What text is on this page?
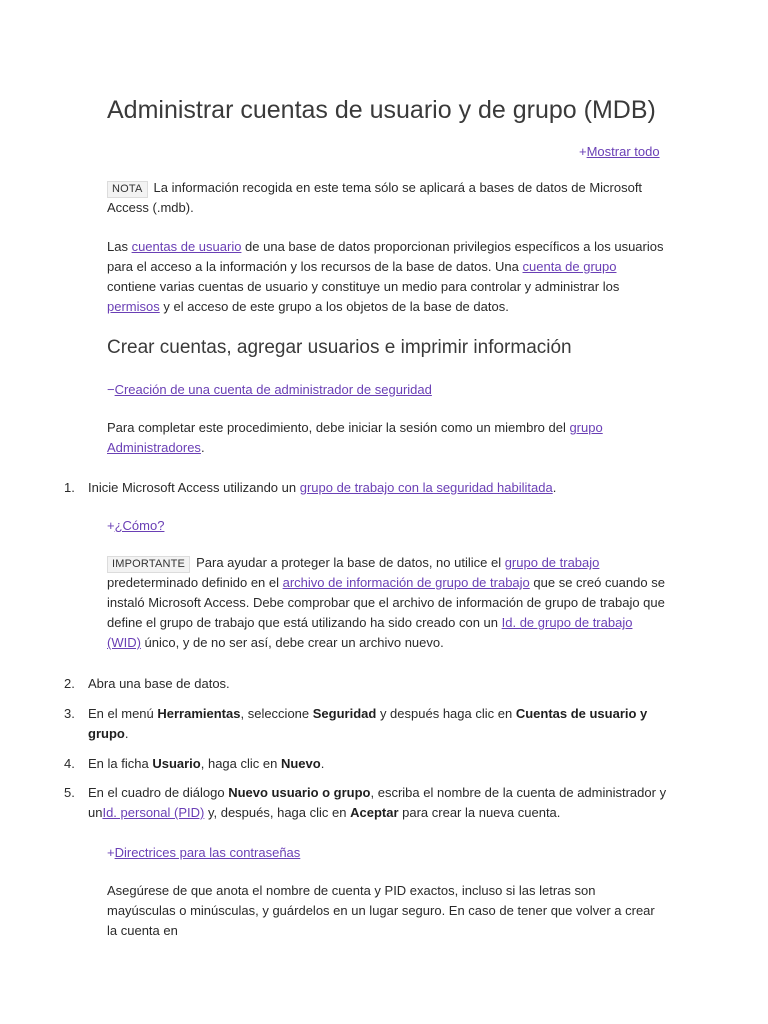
Administrar cuentas de usuario y de grupo (MDB)
+Mostrar todo
NOTA La información recogida en este tema sólo se aplicará a bases de datos de Microsoft Access (.mdb).
Las cuentas de usuario de una base de datos proporcionan privilegios específicos a los usuarios para el acceso a la información y los recursos de la base de datos. Una cuenta de grupo contiene varias cuentas de usuario y constituye un medio para controlar y administrar los permisos y el acceso de este grupo a los objetos de la base de datos.
Crear cuentas, agregar usuarios e imprimir información
−Creación de una cuenta de administrador de seguridad
Para completar este procedimiento, debe iniciar la sesión como un miembro del grupo Administradores.
1.	Inicie Microsoft Access utilizando un grupo de trabajo con la seguridad habilitada.
+¿Cómo?
IMPORTANTE Para ayudar a proteger la base de datos, no utilice el grupo de trabajo predeterminado definido en el archivo de información de grupo de trabajo que se creó cuando se instaló Microsoft Access. Debe comprobar que el archivo de información de grupo de trabajo que define el grupo de trabajo que está utilizando ha sido creado con un Id. de grupo de trabajo (WID) único, y de no ser así, debe crear un archivo nuevo.
2.	Abra una base de datos.
3.	En el menú Herramientas, seleccione Seguridad y después haga clic en Cuentas de usuario y grupo.
4.	En la ficha Usuario, haga clic en Nuevo.
5.	En el cuadro de diálogo Nuevo usuario o grupo, escriba el nombre de la cuenta de administrador y unId. personal (PID) y, después, haga clic en Aceptar para crear la nueva cuenta.
+Directrices para las contraseñas
Asegúrese de que anota el nombre de cuenta y PID exactos, incluso si las letras son mayúsculas o minúsculas, y guárdelos en un lugar seguro. En caso de tener que volver a crear la cuenta en
